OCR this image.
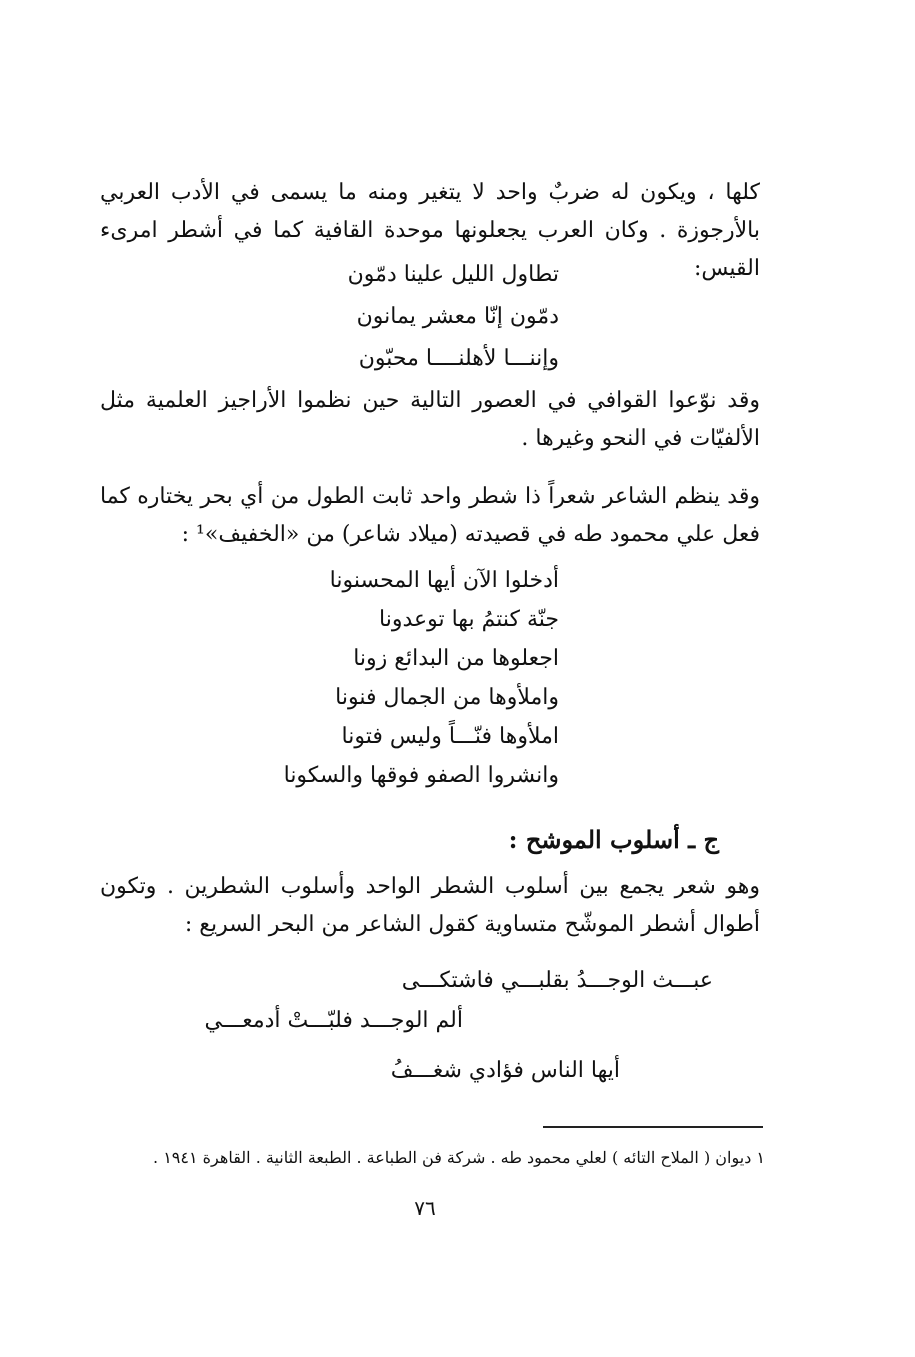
كلها ، ويكون له ضربٌ واحد لا يتغير ومنه ما يسمى في الأدب العربي بالأرجوزة . وكان العرب يجعلونها موحدة القافية كما في أشطر امرىء القيس:

تطاول الليل علينا دمّون
دمّون إنّا معشر يمانون
وإننـــا لأهلنــــا محبّون

وقد نوّعوا القوافي في العصور التالية حين نظموا الأراجيز العلمية مثل الألفيّات في النحو وغيرها .

وقد ينظم الشاعر شعراً ذا شطر واحد ثابت الطول من أي بحر يختاره كما فعل علي محمود طه في قصيدته (ميلاد شاعر) من «الخفيف»¹ :

أدخلوا الآن أيها المحسنونا
جنّة كنتمُ بها توعدونا
اجعلوها من البدائع زونا
واملأوها من الجمال فنونا
املأوها فنّـــاً وليس فتونا
وانشروا الصفو فوقها والسكونا
ج ـ أسلوب الموشح :

وهو شعر يجمع بين أسلوب الشطر الواحد وأسلوب الشطرين . وتكون أطوال أشطر الموشّح متساوية كقول الشاعر من البحر السريع :

عبـــث الوجـــدُ بقلبـــي فاشتكـــى
ألم الوجـــد فلبّـــتْ أدمعـــي
أيها الناس فؤادي شغـــفُ
١ ديوان ( الملاح التائه ) لعلي محمود طه . شركة فن الطباعة . الطبعة الثانية . القاهرة ١٩٤١ .
٧٦
